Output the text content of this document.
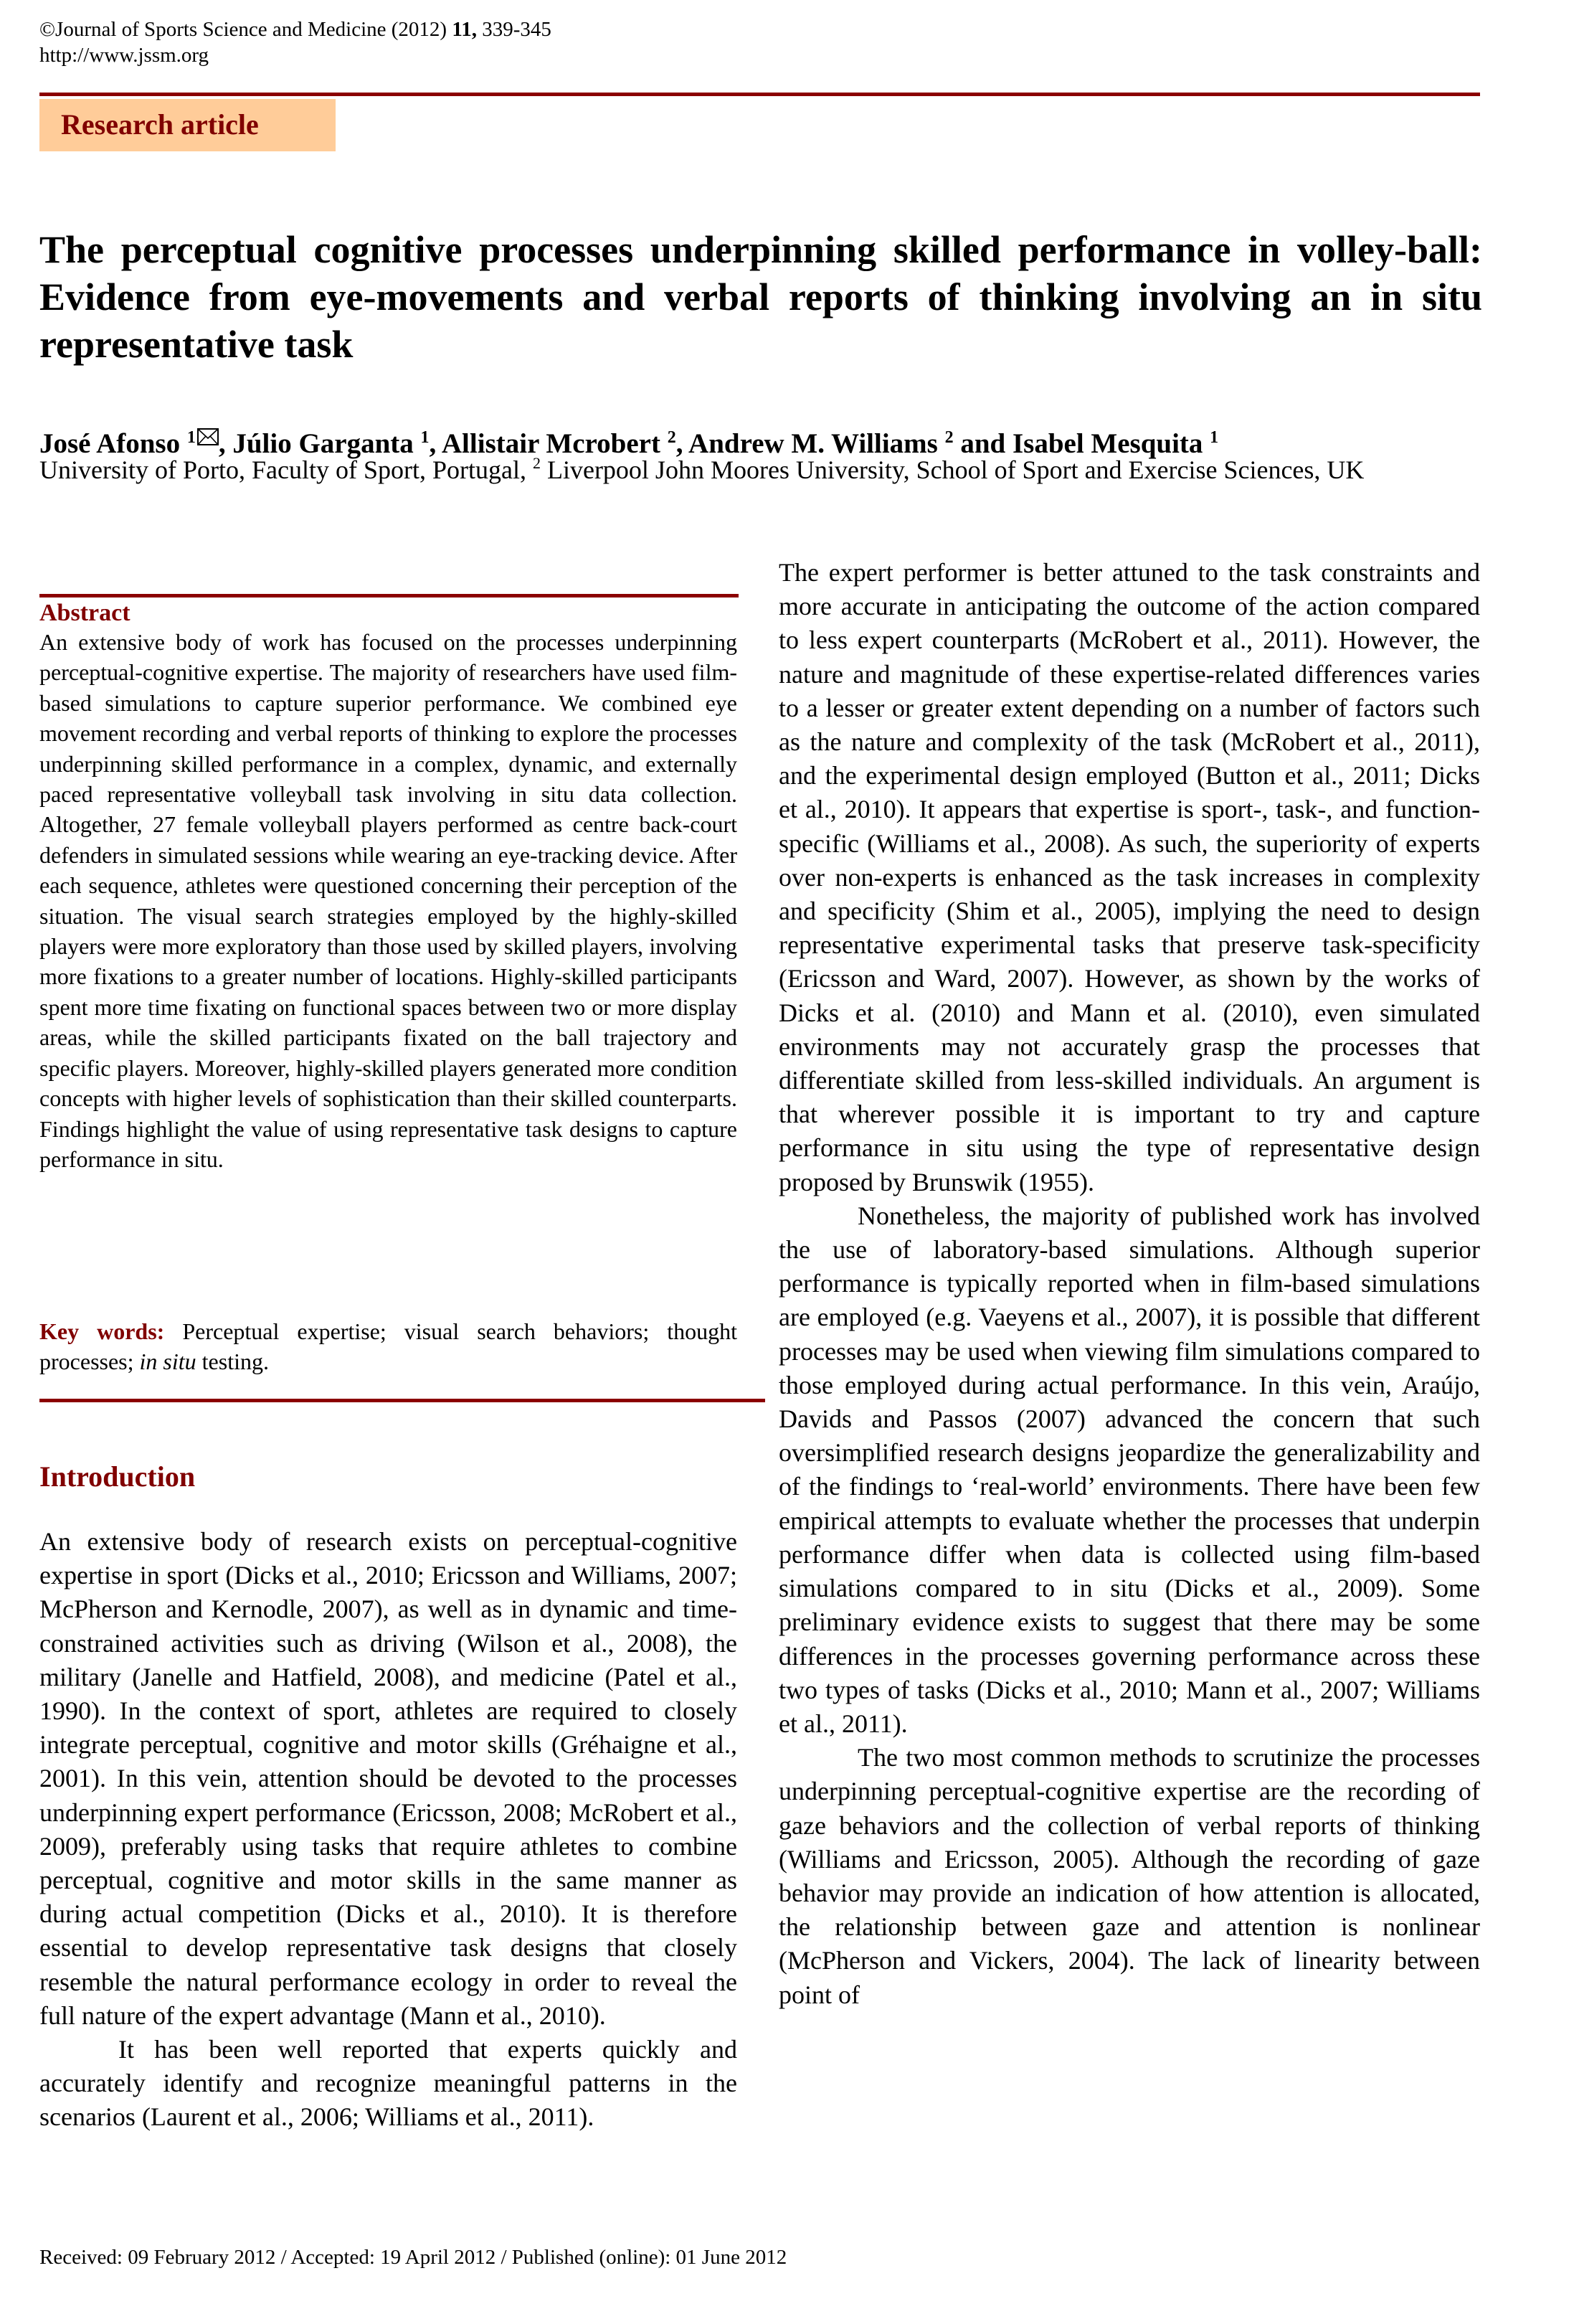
©Journal of Sports Science and Medicine (2012) 11, 339-345
http://www.jssm.org
Research article
The perceptual cognitive processes underpinning skilled performance in volley-ball: Evidence from eye-movements and verbal reports of thinking involving an in situ representative task
José Afonso $^1$ , Júlio Garganta $^1$, Allistair Mcrobert $^2$, Andrew M. Williams $^2$ and Isabel Mesquita $^1$
University of Porto, Faculty of Sport, Portugal, $^2$ Liverpool John Moores University, School of Sport and Exercise Sciences, UK
Abstract
An extensive body of work has focused on the processes underpinning perceptual-cognitive expertise. The majority of researchers have used film-based simulations to capture superior performance. We combined eye movement recording and verbal reports of thinking to explore the processes underpinning skilled performance in a complex, dynamic, and externally paced representative volleyball task involving in situ data collection. Altogether, 27 female volleyball players performed as centre back-court defenders in simulated sessions while wearing an eye-tracking device. After each sequence, athletes were questioned concerning their perception of the situation. The visual search strategies employed by the highly-skilled players were more exploratory than those used by skilled players, involving more fixations to a greater number of locations. Highly-skilled participants spent more time fixating on functional spaces between two or more display areas, while the skilled participants fixated on the ball trajectory and specific players. Moreover, highly-skilled players generated more condition concepts with higher levels of sophistication than their skilled counterparts. Findings highlight the value of using representative task designs to capture performance in situ.
Key words: Perceptual expertise; visual search behaviors; thought processes; in situ testing.
Introduction

An extensive body of research exists on perceptual-cognitive expertise in sport (Dicks et al., 2010; Ericsson and Williams, 2007; McPherson and Kernodle, 2007), as well as in dynamic and time-constrained activities such as driving (Wilson et al., 2008), the military (Janelle and Hatfield, 2008), and medicine (Patel et al., 1990). In the context of sport, athletes are required to closely integrate perceptual, cognitive and motor skills (Gréhaigne et al., 2001). In this vein, attention should be devoted to the processes underpinning expert performance (Ericsson, 2008; McRobert et al., 2009), preferably using tasks that require athletes to combine perceptual, cognitive and motor skills in the same manner as during actual competition (Dicks et al., 2010). It is therefore essential to develop representative task designs that closely resemble the natural performance ecology in order to reveal the full nature of the expert advantage (Mann et al., 2010).

It has been well reported that experts quickly and accurately identify and recognize meaningful patterns in the scenarios (Laurent et al., 2006; Williams et al., 2011).

The expert performer is better attuned to the task constraints and more accurate in anticipating the outcome of the action compared to less expert counterparts (McRobert et al., 2011). However, the nature and magnitude of these expertise-related differences varies to a lesser or greater extent depending on a number of factors such as the nature and complexity of the task (McRobert et al., 2011), and the experimental design employed (Button et al., 2011; Dicks et al., 2010). It appears that expertise is sport-, task-, and function-specific (Williams et al., 2008). As such, the superiority of experts over non-experts is enhanced as the task increases in complexity and specificity (Shim et al., 2005), implying the need to design representative experimental tasks that preserve task-specificity (Ericsson and Ward, 2007). However, as shown by the works of Dicks et al. (2010) and Mann et al. (2010), even simulated environments may not accurately grasp the processes that differentiate skilled from less-skilled individuals. An argument is that wherever possible it is important to try and capture performance in situ using the type of representative design proposed by Brunswik (1955).

Nonetheless, the majority of published work has involved the use of laboratory-based simulations. Although superior performance is typically reported when in film-based simulations are employed (e.g. Vaeyens et al., 2007), it is possible that different processes may be used when viewing film simulations compared to those employed during actual performance. In this vein, Araújo, Davids and Passos (2007) advanced the concern that such oversimplified research designs jeopardize the generalizability and of the findings to ‘real-world’ environments. There have been few empirical attempts to evaluate whether the processes that underpin performance differ when data is collected using film-based simulations compared to in situ (Dicks et al., 2009). Some preliminary evidence exists to suggest that there may be some differences in the processes governing performance across these two types of tasks (Dicks et al., 2010; Mann et al., 2007; Williams et al., 2011).

The two most common methods to scrutinize the processes underpinning perceptual-cognitive expertise are the recording of gaze behaviors and the collection of verbal reports of thinking (Williams and Ericsson, 2005). Although the recording of gaze behavior may provide an indication of how attention is allocated, the relationship between gaze and attention is nonlinear (McPherson and Vickers, 2004). The lack of linearity between point of

Received: 09 February 2012 / Accepted: 19 April 2012 / Published (online): 01 June 2012
